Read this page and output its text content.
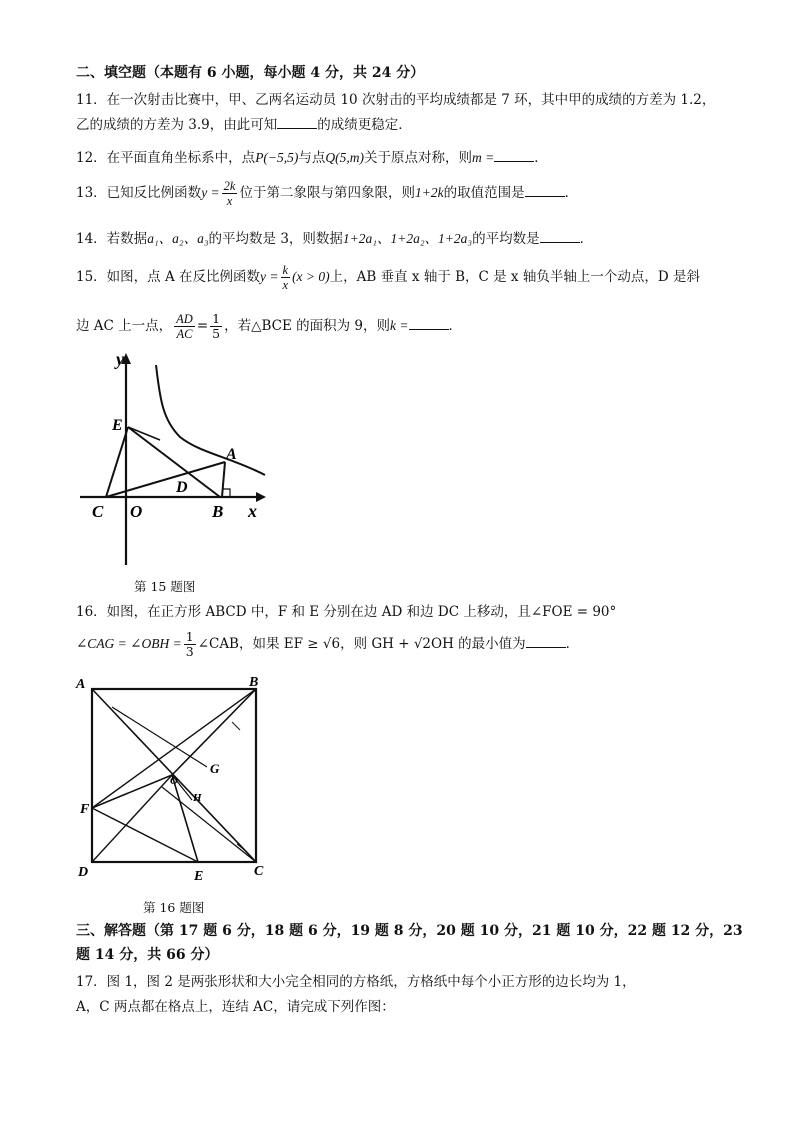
二、填空题（本题有 6 小题，每小题 4 分，共 24 分）
11．在一次射击比赛中，甲、乙两名运动员 10 次射击的平均成绩都是 7 环，其中甲的成绩的方差为 1.2，
乙的成绩的方差为 3.9，由此可知	的成绩更稳定．
12．在平面直角坐标系中，点P(−5,5)与点Q(5,m)关于原点对称，则m =	．
13．已知反比例函数$y = \frac{2k}{x}$ 位于第二象限与第四象限，则1+2k的取值范围是	．
14．若数据a₁、a₂、a₃的平均数是 3，则数据1+2a₁、1+2a₂、1+2a₃的平均数是	．
15．如图，点 A 在反比例函数$y = \frac{k}{x} (x > 0)$上，AB 垂直 x 轴于 B，C 是 x 轴负半轴上一个动点，D 是斜
边 AC 上一点， $\frac{AD}{AC} = \frac{1}{5}$ ，若△BCE 的面积为 9，则k =	．
y
E
A
D
C O	B x
第 15 题图
16．如图，在正方形 ABCD 中，F 和 E 分别在边 AD 和边 DC 上移动，且∠FOE = 90°
∠CAG = ∠OBH = $\frac{1}{3}$ ∠CAB，如果 EF ≥ √6，则 GH + √2OH 的最小值为	．
A	B
G
O
H
F
D	E	C
第 16 题图
三、解答题（第 17 题 6 分，18 题 6 分，19 题 8 分，20 题 10 分，21 题 10 分，22 题 12 分，23
题 14 分，共 66 分）
17．图 1，图 2 是两张形状和大小完全相同的方格纸，方格纸中每个小正方形的边长均为 1，
A，C 两点都在格点上，连结 AC，请完成下列作图：
